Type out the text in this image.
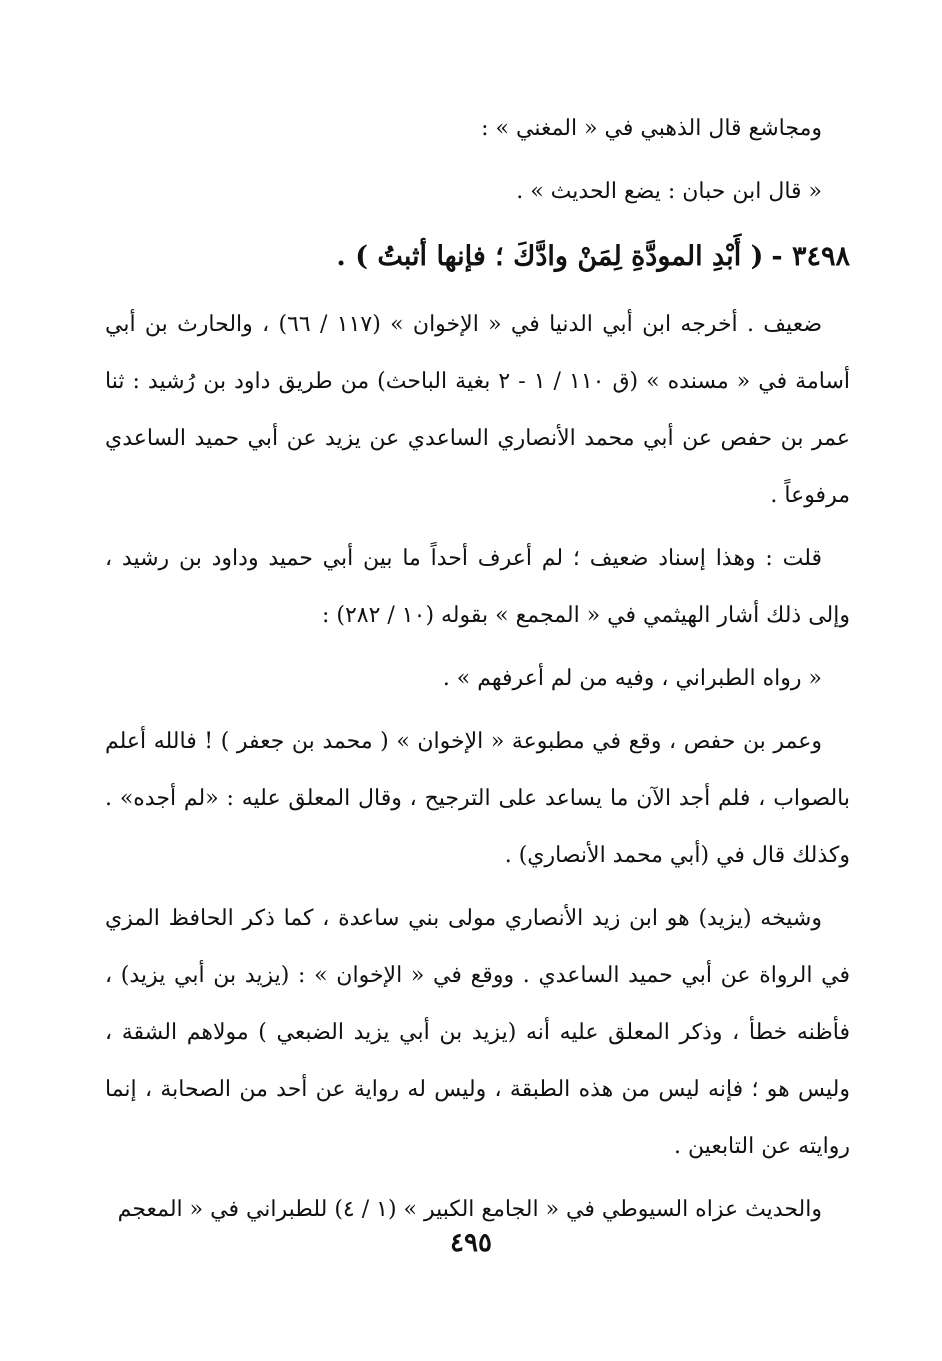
ومجاشع قال الذهبي في « المغني » :

« قال ابن حبان : يضع الحديث » .

٣٤٩٨ -( أَبْدِ المودَّةِ لِمَنْ وادَّكَ ؛ فإنها أثبتُ ) .

ضعيف . أخرجه ابن أبي الدنيا في « الإخوان » (١١٧ / ٦٦) ، والحارث بن أبي أسامة في « مسنده » (ق ١١٠ / ١ - ٢ بغية الباحث) من طريق داود بن رُشيد : ثنا عمر بن حفص عن أبي محمد الأنصاري الساعدي عن يزيد عن أبي حميد الساعدي مرفوعاً .

قلت : وهذا إسناد ضعيف ؛ لم أعرف أحداً ما بين أبي حميد وداود بن رشيد ، وإلى ذلك أشار الهيثمي في « المجمع » بقوله (١٠ / ٢٨٢) :

« رواه الطبراني ، وفيه من لم أعرفهم » .

وعمر بن حفص ، وقع في مطبوعة « الإخوان » ( محمد بن جعفر ) ! فالله أعلم بالصواب ، فلم أجد الآن ما يساعد على الترجيح ، وقال المعلق عليه : «لم أجده» . وكذلك قال في (أبي محمد الأنصاري) .

وشيخه (يزيد) هو ابن زيد الأنصاري مولى بني ساعدة ، كما ذكر الحافظ المزي في الرواة عن أبي حميد الساعدي . ووقع في « الإخوان » : (يزيد بن أبي يزيد) ، فأظنه خطأ ، وذكر المعلق عليه أنه (يزيد بن أبي يزيد الضبعي ) مولاهم الشقة ، وليس هو ؛ فإنه ليس من هذه الطبقة ، وليس له رواية عن أحد من الصحابة ، إنما روايته عن التابعين .

والحديث عزاه السيوطي في « الجامع الكبير » (١ / ٤) للطبراني في « المعجم

٤٩٥
